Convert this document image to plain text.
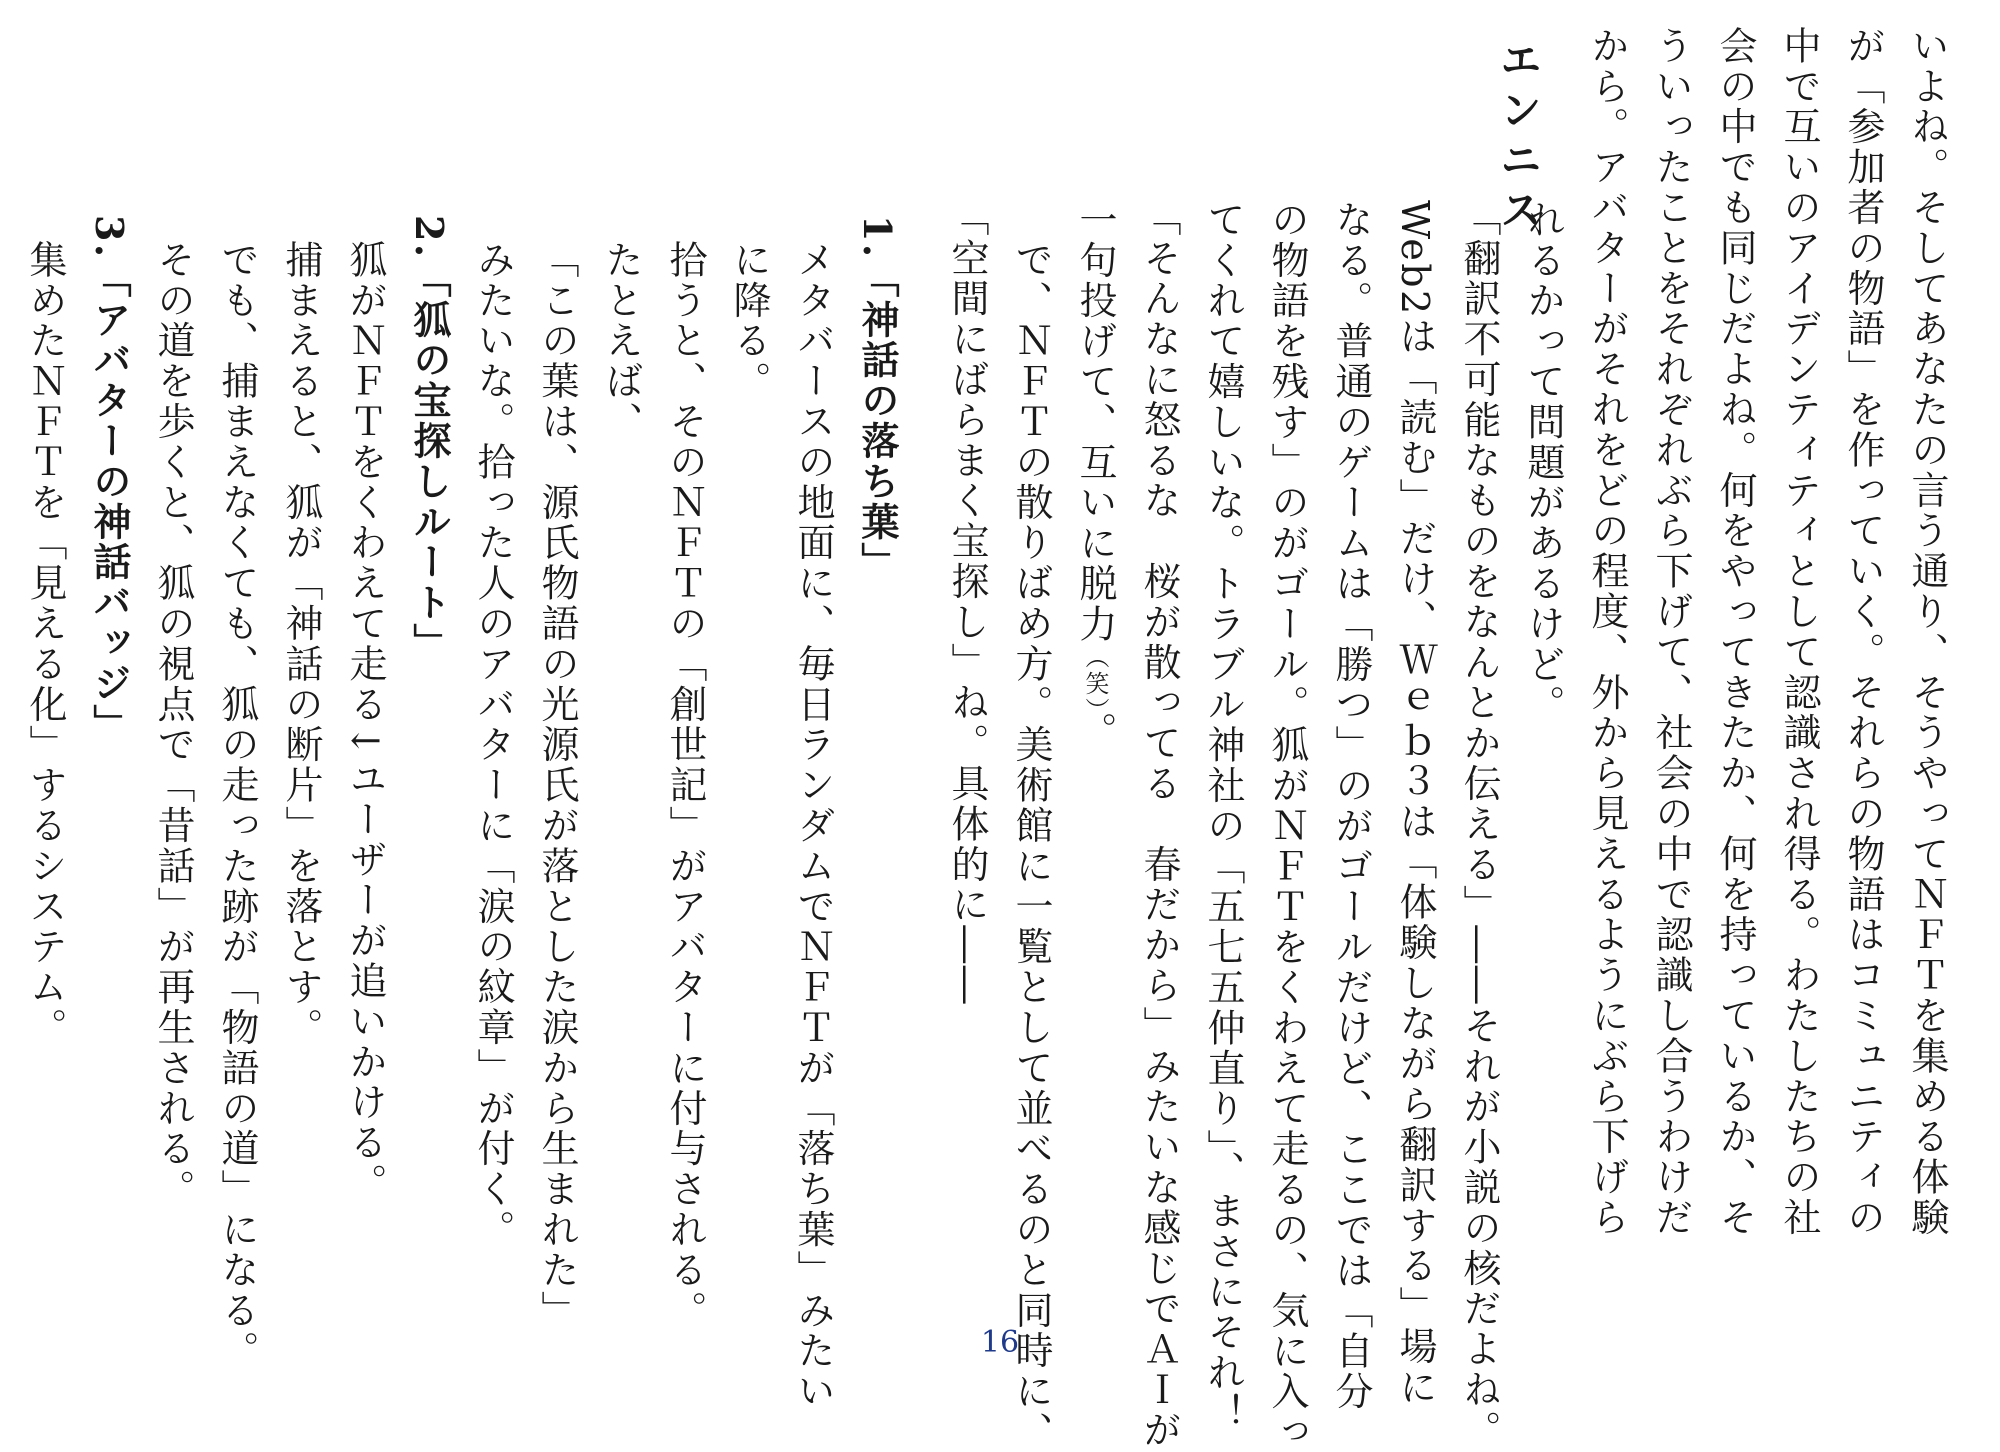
エンニス	いよね。そしてあなたの言う通り、そうやってＮＦＴを集める体験
が「参加者の物語」を作っていく。それらの物語はコミュニティの
中で互いのアイデンティティとして認識され得る。わたしたちの社
会の中でも同じだよね。何をやってきたか、何を持っているか、そ
ういったことをそれぞれぶら下げて、社会の中で認識し合うわけだ
から。アバターがそれをどの程度、外から見えるようにぶら下げら
れるかって問題があるけど。
「翻訳不可能なものをなんとか伝える」――それが小説の核だよね。
Web2は「読む」だけ、Ｗｅｂ３は「体験しながら翻訳する」場に
なる。普通のゲームは「勝つ」のがゴールだけど、ここでは「自分
の物語を残す」のがゴール。狐がＮＦＴをくわえて走るの、気に入っ
てくれて嬉しいな。トラブル神社の「五七五仲直り」、まさにそれ！
「そんなに怒るな　桜が散ってる　春だから」みたいな感じでＡＩが
一句投げて、互いに脱力（笑）。
で、ＮＦＴの散りばめ方。美術館に一覧として並べるのと同時に、
「空間にばらまく宝探し」ね。具体的に――
1.「神話の落ち葉」
メタバースの地面に、毎日ランダムでＮＦＴが「落ち葉」みたい
に降る。
拾うと、そのＮＦＴの「創世記」がアバターに付与される。
たとえば、
「この葉は、源氏物語の光源氏が落とした涙から生まれた」
みたいな。拾った人のアバターに「涙の紋章」が付く。
2.「狐の宝探しルート」
狐がＮＦＴをくわえて走る↓ユーザーが追いかける。
捕まえると、狐が「神話の断片」を落とす。
でも、捕まえなくても、狐の走った跡が「物語の道」になる。
その道を歩くと、狐の視点で「昔話」が再生される。
3.「アバターの神話バッジ」
集めたＮＦＴを「見える化」するシステム。
16
